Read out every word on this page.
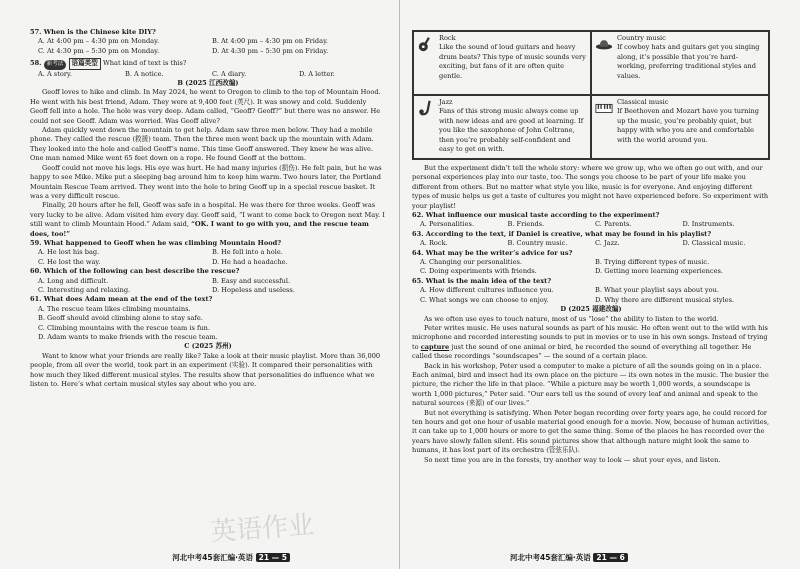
57. When is the Chinese kite DIY?

A. At 4:00 pm – 4:30 pm on Monday.	B. At 4:00 pm – 4:30 pm on Friday.
C. At 4:30 pm – 5:30 pm on Monday.	D. At 4:30 pm – 5:30 pm on Friday.

58. 新考法 语篇类型 What kind of text is this?

A. A story.	B. A notice.	C. A diary.	D. A letter.

B (2025 江西改编)

Geoff loves to hike and climb. In May 2024, he went to Oregon to climb to the top of Mountain Hood. He went with his best friend, Adam. They were at 9,400 feet (英尺). It was snowy and cold. Suddenly Geoff fell into a hole. The hole was very deep. Adam called, “Geoff? Geoff?” but there was no answer. He could not see Geoff. Adam was worried. Was Geoff alive?

Adam quickly went down the mountain to get help. Adam saw three men below. They had a mobile phone. They called the rescue (救援) team. Then the three men went back up the mountain with Adam. They looked into the hole and called Geoff’s name. This time Geoff answered. They knew he was alive. One man named Mike went 65 feet down on a rope. He found Geoff at the bottom.

Geoff could not move his legs. His eye was hurt. He had many injuries (损伤). He felt pain, but he was happy to see Mike. Mike put a sleeping bag around him to keep him warm. Two hours later, the Portland Mountain Rescue Team arrived. They went into the hole to bring Geoff up in a special rescue basket. It was a very difficult rescue.

Finally, 20 hours after he fell, Geoff was safe in a hospital. He was there for three weeks. Geoff was very lucky to be alive. Adam visited him every day. Geoff said, “I want to come back to Oregon next May. I still want to climb Mountain Hood.” Adam said, “OK. I want to go with you, and the rescue team does, too!”

59. What happened to Geoff when he was climbing Mountain Hood?

A. He lost his bag.	B. He fell into a hole.
C. He lost the way.	D. He had a headache.

60. Which of the following can best describe the rescue?

A. Long and difficult.	B. Easy and successful.
C. Interesting and relaxing.	D. Hopeless and useless.

61. What does Adam mean at the end of the text?

A. The rescue team likes climbing mountains.

B. Geoff should avoid climbing alone to stay safe.

C. Climbing mountains with the rescue team is fun.

D. Adam wants to make friends with the rescue team.

C (2025 苏州)

Want to know what your friends are really like? Take a look at their music playlist. More than 36,000 people, from all over the world, took part in an experiment (实验). It compared their personalities with how much they liked different musical styles. The results show that personalities do influence what we listen to. Here’s what certain musical styles say about who you are.

河北中考45套汇编·英语 21 — 5

Rock

Like the sound of loud guitars and heavy drum beats? This type of music sounds very exciting, but fans of it are often quite gentle.

Country music

If cowboy hats and guitars get you singing along, it’s possible that you’re hard-working, preferring traditional styles and values.

Jazz

Fans of this strong music always come up with new ideas and are good at learning. If you like the saxophone of John Coltrane, then you’re probably self-confident and easy to get on with.

Classical music

If Beethoven and Mozart have you turning up the music, you’re probably quiet, but happy with who you are and comfortable with the world around you.

But the experiment didn’t tell the whole story: where we grow up, who we often go out with, and our personal experiences play into our taste, too. The songs you choose to be part of your life make you different from others. But no matter what style you like, music is for everyone. And enjoying different types of music helps us get a taste of cultures you might not have experienced before. So experiment with your playlist!

62. What influence our musical taste according to the experiment?

A. Personalities.	B. Friends.	C. Parents.	D. Instruments.

63. According to the text, if Daniel is creative, what may be found in his playlist?

A. Rock.	B. Country music.	C. Jazz.	D. Classical music.

64. What may be the writer’s advice for us?

A. Changing our personalities.	B. Trying different types of music.
C. Doing experiments with friends.	D. Getting more learning experiences.

65. What is the main idea of the text?

A. How different cultures influence you.	B. What your playlist says about you.
C. What songs we can choose to enjoy.	D. Why there are different musical styles.

D (2025 福建改编)

As we often use eyes to touch nature, most of us “lose” the ability to listen to the world.

Peter writes music. He uses natural sounds as part of his music. He often went out to the wild with his microphone and recorded interesting sounds to put in movies or to use in his own songs. Instead of trying to capture just the sound of one animal or bird, he recorded the sound of everything all together. He called these recordings “soundscapes” — the sound of a certain place.

Back in his workshop, Peter used a computer to make a picture of all the sounds going on in a place. Each animal, bird and insect had its own place on the picture — its own notes in the music. The busier the picture, the richer the life in that place. “While a picture may be worth 1,000 words, a soundscape is worth 1,000 pictures,” Peter said. “Our ears tell us the sound of every leaf and animal and speak to the natural sources (来源) of our lives.”

But not everything is satisfying. When Peter began recording over forty years ago, he could record for ten hours and get one hour of usable material good enough for a movie. Now, because of human activities, it can take up to 1,000 hours or more to get the same thing. Some of the places he has recorded over the years have slowly fallen silent. His sound pictures show that although nature might look the same to humans, it has lost part of its orchestra (管弦乐队).

So next time you are in the forests, try another way to look — shut your eyes, and listen.

河北中考45套汇编·英语 21 — 6
英语作业
